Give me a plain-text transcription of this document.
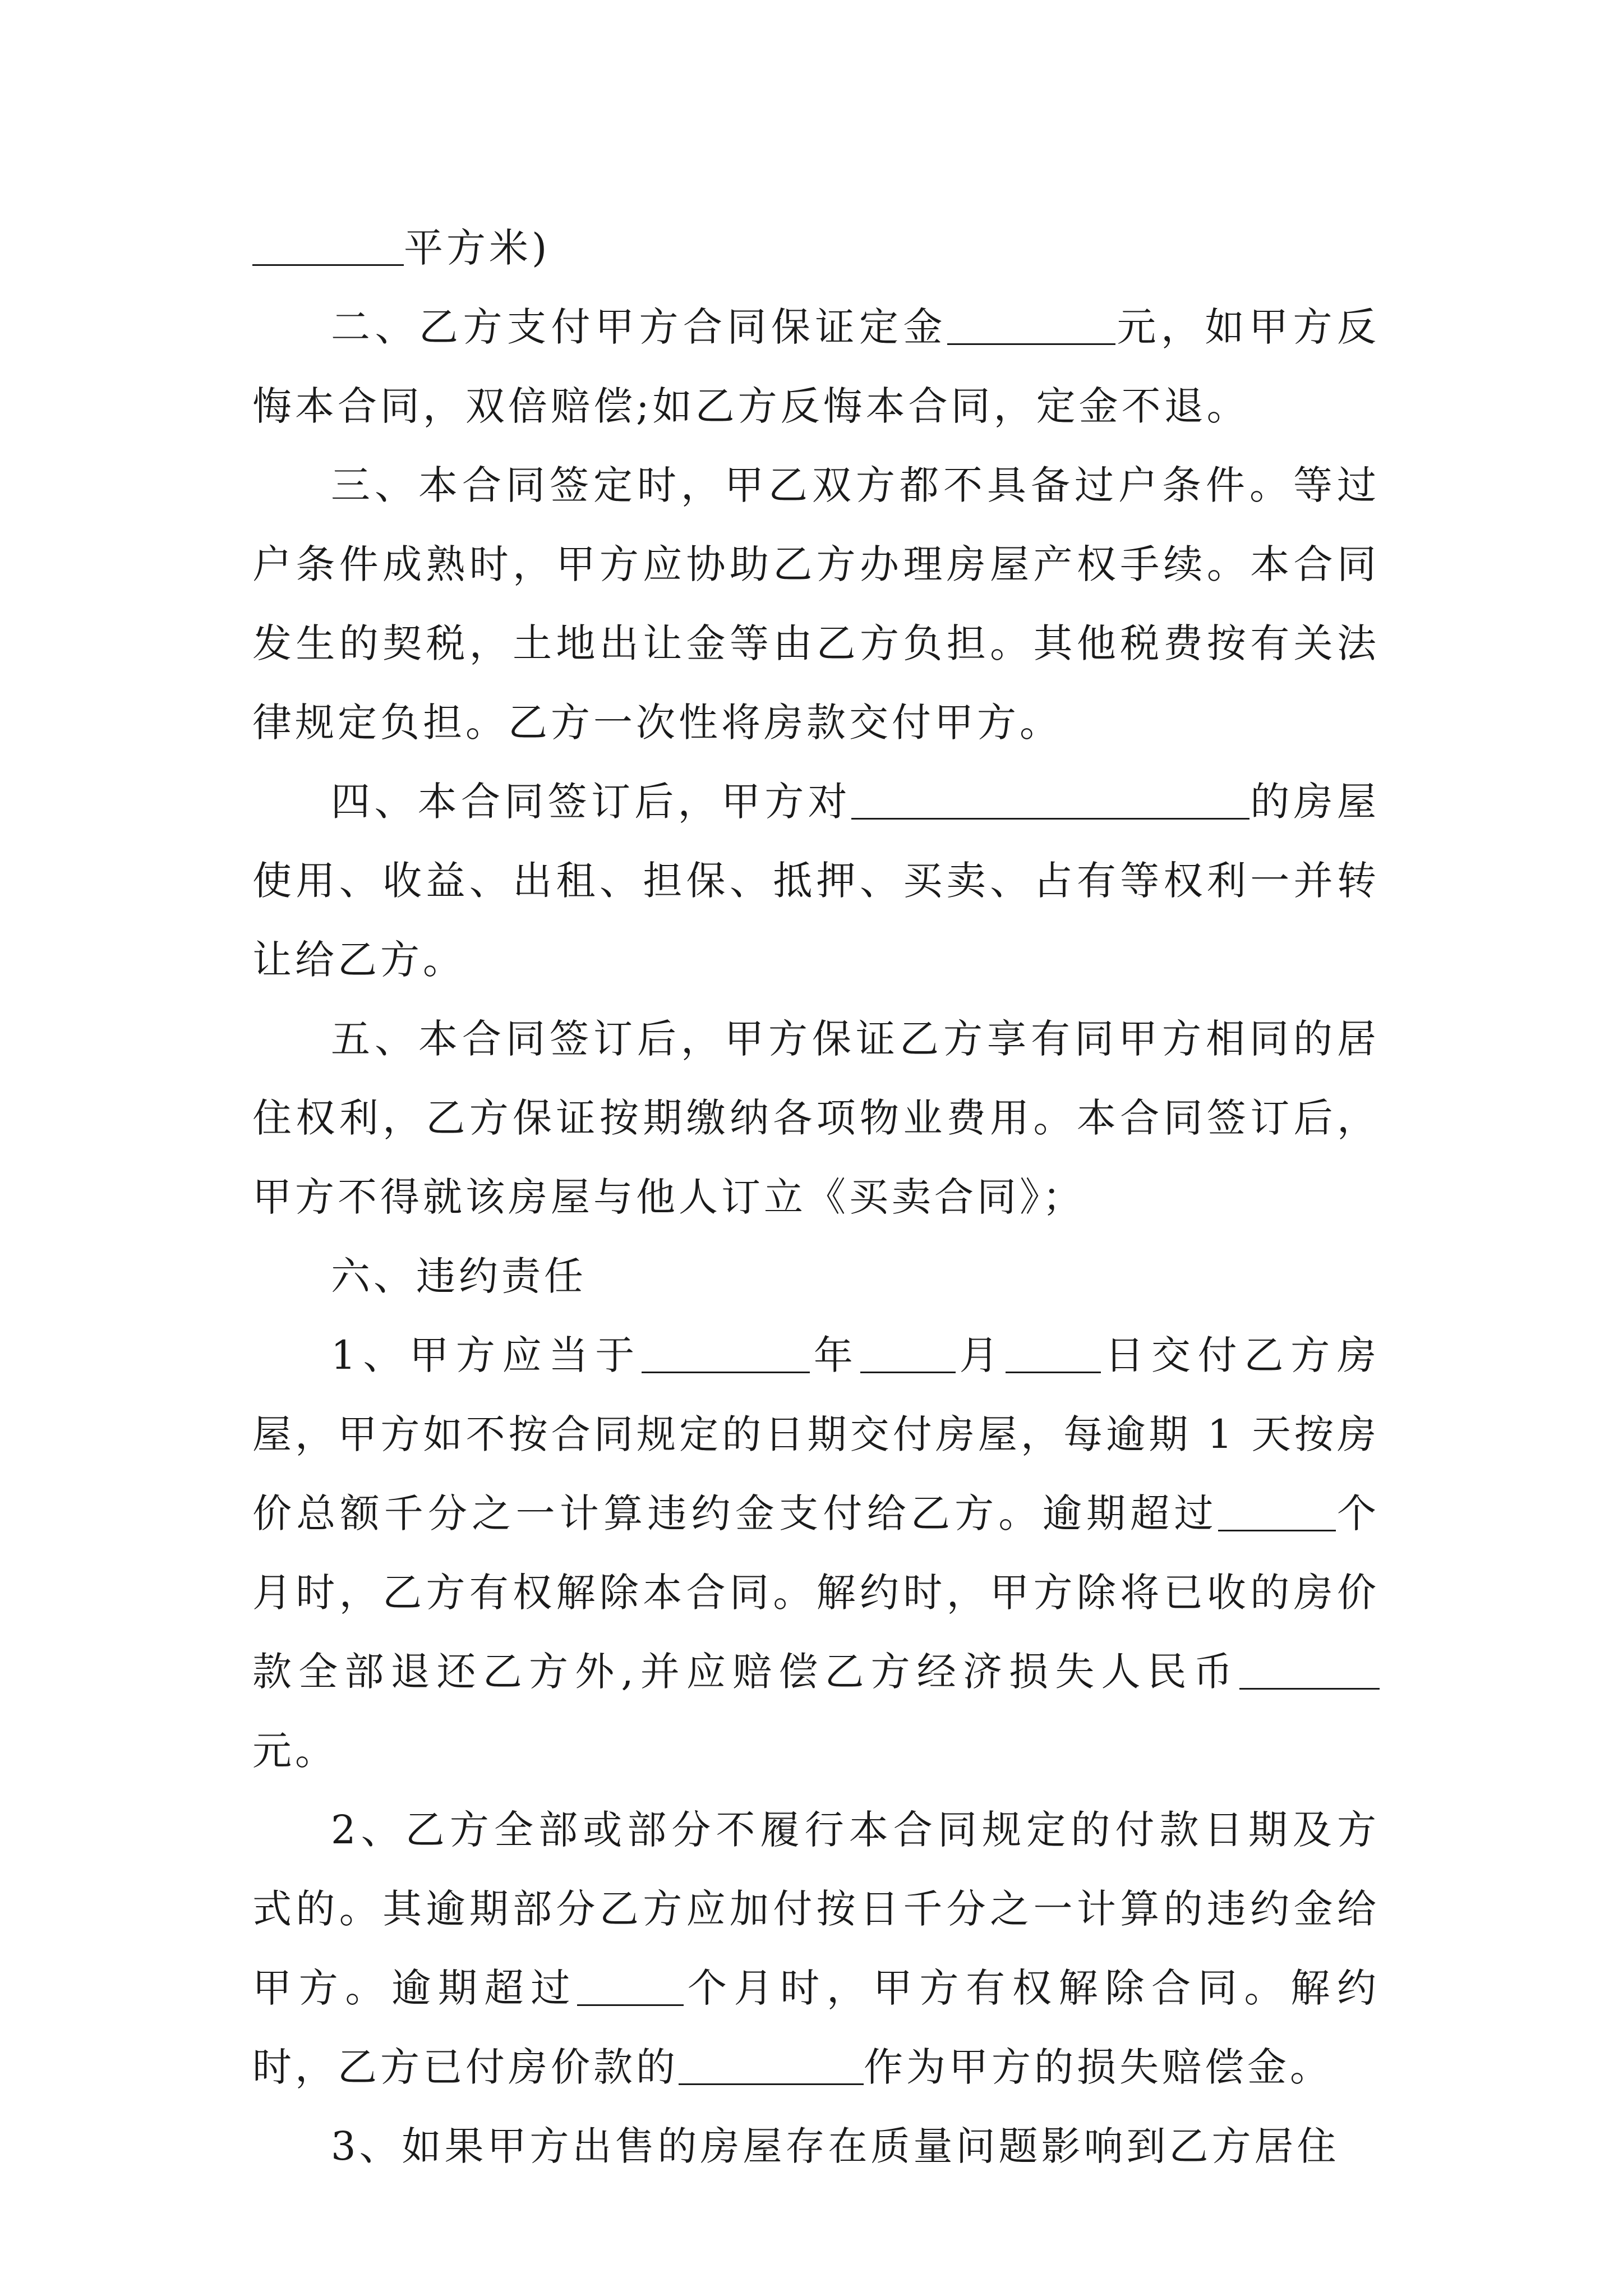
平方米)

二、乙方支付甲方合同保证定金	元，如甲方反悔本合同，双倍赔偿;如乙方反悔本合同，定金不退。

三、本合同签定时，甲乙双方都不具备过户条件。等过户条件成熟时，甲方应协助乙方办理房屋产权手续。本合同发生的契税，土地出让金等由乙方负担。其他税费按有关法律规定负担。乙方一次性将房款交付甲方。

四、本合同签订后，甲方对	的房屋使用、收益、出租、担保、抵押、买卖、占有等权利一并转让给乙方。

五、本合同签订后，甲方保证乙方享有同甲方相同的居住权利，乙方保证按期缴纳各项物业费用。本合同签订后，甲方不得就该房屋与他人订立《买卖合同》；

六、违约责任

1、甲方应当于	年 月 日交付乙方房屋，甲方如不按合同规定的日期交付房屋，每逾期 1 天按房价总额千分之一计算违约金支付给乙方。逾期超过	个月时，乙方有权解除本合同。解约时，甲方除将已收的房价款全部退还乙方外,并应赔偿乙方经济损失人民币元。

2、乙方全部或部分不履行本合同规定的付款日期及方式的。其逾期部分乙方应加付按日千分之一计算的违约金给甲方。逾期超过	个月时，甲方有权解除合同。解约时，乙方已付房价款的	作为甲方的损失赔偿金。

3、如果甲方出售的房屋存在质量问题影响到乙方居住
